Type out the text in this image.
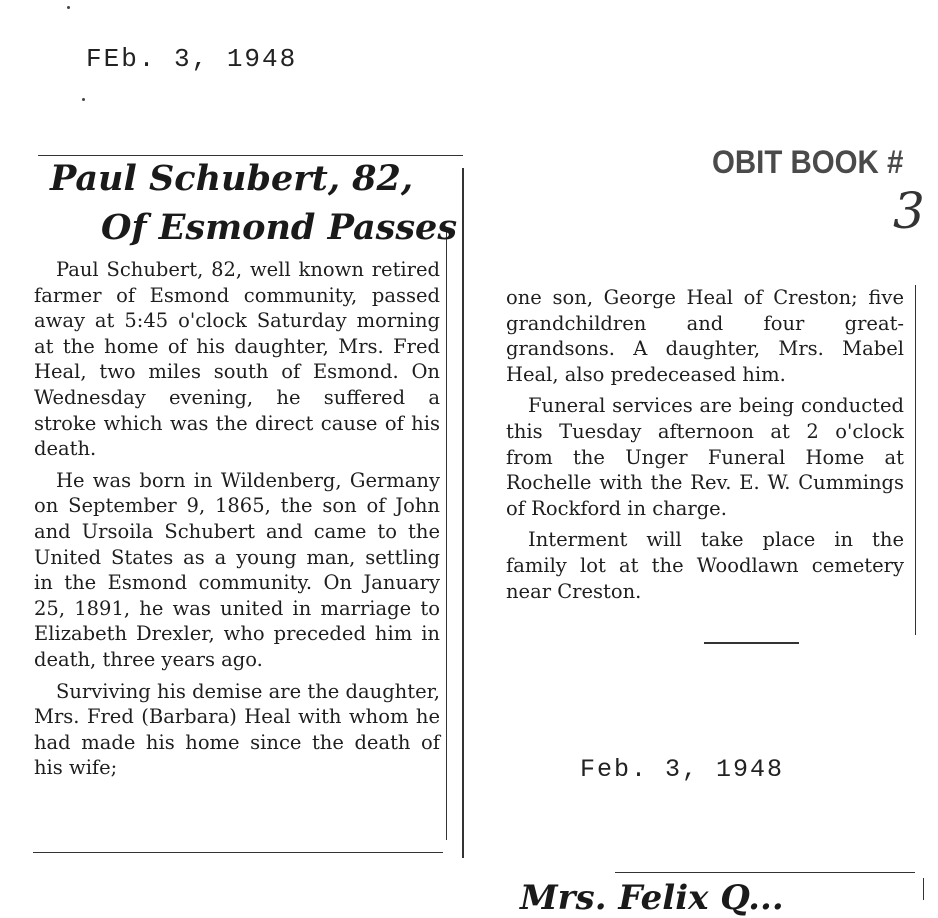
FEb. 3, 1948
OBIT BOOK #
3
Paul Schubert, 82,
Of Esmond Passes

Paul Schubert, 82, well known retired farmer of Esmond community, passed away at 5:45 o'clock Saturday morning at the home of his daughter, Mrs. Fred Heal, two miles south of Esmond. On Wednesday evening, he suffered a stroke which was the direct cause of his death.

He was born in Wildenberg, Germany on September 9, 1865, the son of John and Ursoila Schubert and came to the United States as a young man, settling in the Esmond community. On January 25, 1891, he was united in marriage to Elizabeth Drexler, who preceded him in death, three years ago.

Surviving his demise are the daughter, Mrs. Fred (Barbara) Heal with whom he had made his home since the death of his wife;

one son, George Heal of Creston; five grandchildren and four great-grandsons. A daughter, Mrs. Mabel Heal, also predeceased him.

Funeral services are being conducted this Tuesday afternoon at 2 o'clock from the Unger Funeral Home at Rochelle with the Rev. E. W. Cummings of Rockford in charge.

Interment will take place in the family lot at the Woodlawn cemetery near Creston.

Feb. 3, 1948
Mrs. Felix Q...
